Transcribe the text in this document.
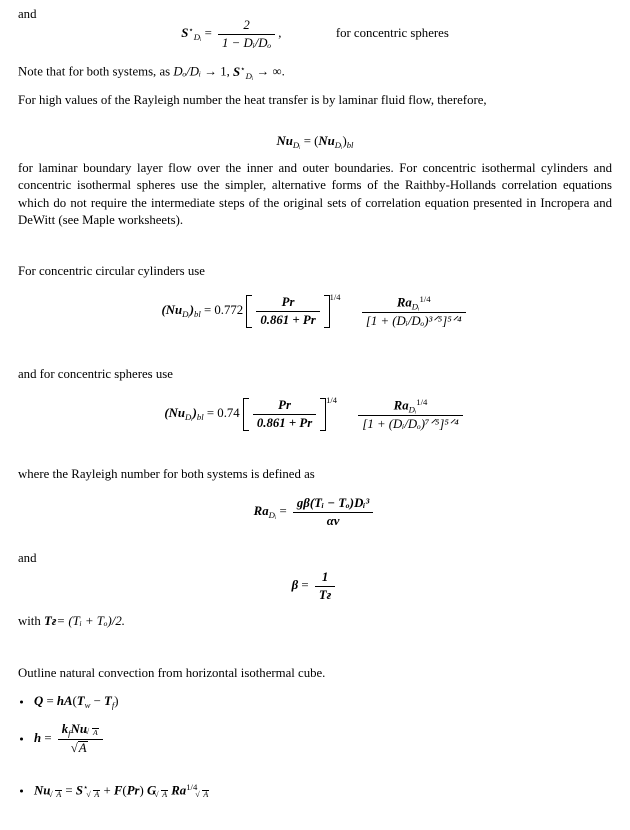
and

$S^⋆_{Dᵢ} = \frac{2}{\text{1 − Dᵢ/Dₒ}}$ ,	for concentric spheres

Note that for both systems, as Dₒ/Dᵢ → 1, $S^⋆_{Dᵢ}$ → ∞.

For high values of the Rayleigh number the heat transfer is by laminar fluid flow, therefore,

$Nu_{Dᵢ} = (Nu_{Dᵢ})_{bl}$

for laminar boundary layer flow over the inner and outer boundaries. For concentric isothermal cylinders and concentric isothermal spheres use the simpler, alternative forms of the Raithby-Hollands correlation equations which do not require the intermediate steps of the original sets of correlation equation presented in Incropera and DeWitt (see Maple worksheets).

For concentric circular cylinders use

$(Nu_{Dᵢ})_{bl} = 0.772 \frac{Pr}{0.861 + Pr} 1/4 \frac{Ra_{Dᵢ}^{1/4}}{\text{[1 + (Dᵢ/Dₒ)³ᐟ⁵]⁵ᐟ⁴}}$

and for concentric spheres use

$(Nu_{Dᵢ})_{bl} = 0.74 \frac{Pr}{0.861 + Pr} 1/4 \frac{Ra_{Dᵢ}^{1/4}}{\text{[1 + (Dᵢ/Dₒ)⁷ᐟ⁵]⁵ᐟ⁴}}$

where the Rayleigh number for both systems is defined as

$Ra_{Dᵢ} = \frac{\text{gβ(Tᵢ − Tₒ)Dᵢ³}}{\alpha\nu}$

and

$\beta = \frac{1}{Tғ}$

with Tғ= (Tᵢ + Tₒ)/2.

Outline natural convection from horizontal isothermal cube.

$Q = hA(T_w - T_f)$
$h = k_fNu$ √ A
√ A
Nu √ A = S⋆√ A + F(Pr) G √ A $Ra^{1/4}√$ A
